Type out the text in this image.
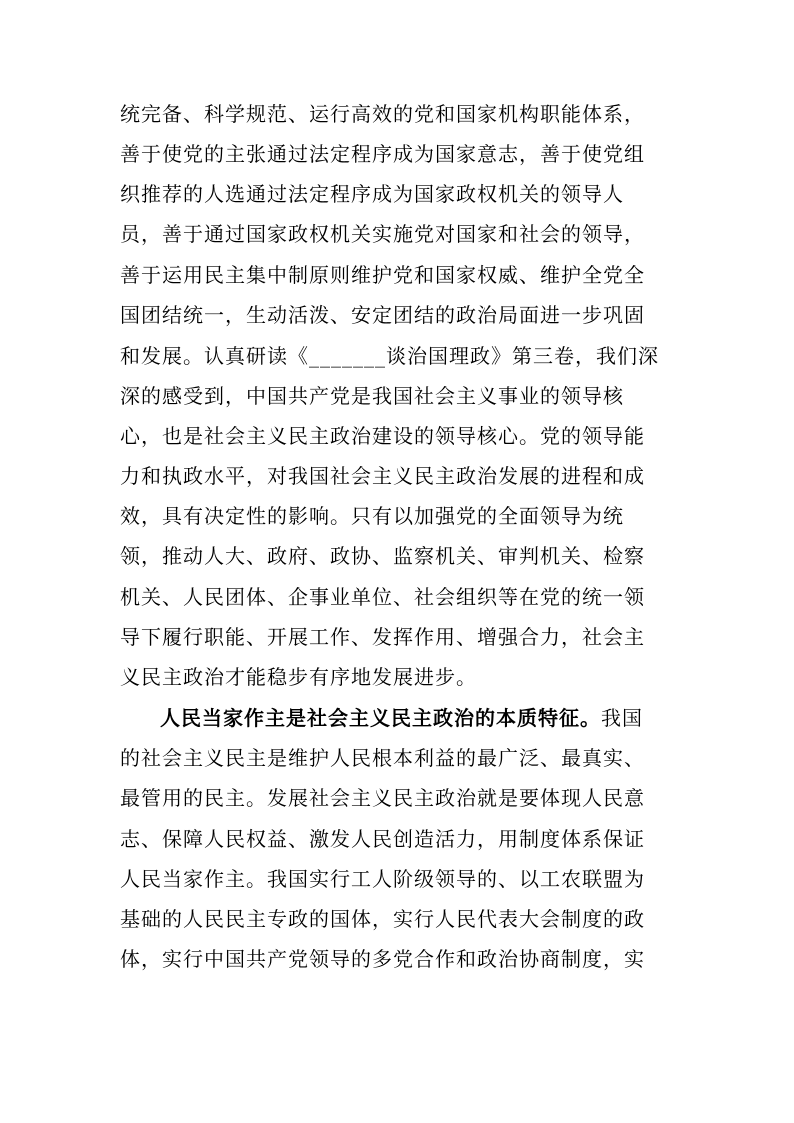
统完备、科学规范、运行高效的党和国家机构职能体系，
善于使党的主张通过法定程序成为国家意志，善于使党组
织推荐的人选通过法定程序成为国家政权机关的领导人
员，善于通过国家政权机关实施党对国家和社会的领导，
善于运用民主集中制原则维护党和国家权威、维护全党全
国团结统一，生动活泼、安定团结的政治局面进一步巩固
和发展。认真研读《_______谈治国理政》第三卷，我们深
深的感受到，中国共产党是我国社会主义事业的领导核
心，也是社会主义民主政治建设的领导核心。党的领导能
力和执政水平，对我国社会主义民主政治发展的进程和成
效，具有决定性的影响。只有以加强党的全面领导为统
领，推动人大、政府、政协、监察机关、审判机关、检察
机关、人民团体、企事业单位、社会组织等在党的统一领
导下履行职能、开展工作、发挥作用、增强合力，社会主
义民主政治才能稳步有序地发展进步。
人民当家作主是社会主义民主政治的本质特征。我国
的社会主义民主是维护人民根本利益的最广泛、最真实、
最管用的民主。发展社会主义民主政治就是要体现人民意
志、保障人民权益、激发人民创造活力，用制度体系保证
人民当家作主。我国实行工人阶级领导的、以工农联盟为
基础的人民民主专政的国体，实行人民代表大会制度的政
体，实行中国共产党领导的多党合作和政治协商制度，实
